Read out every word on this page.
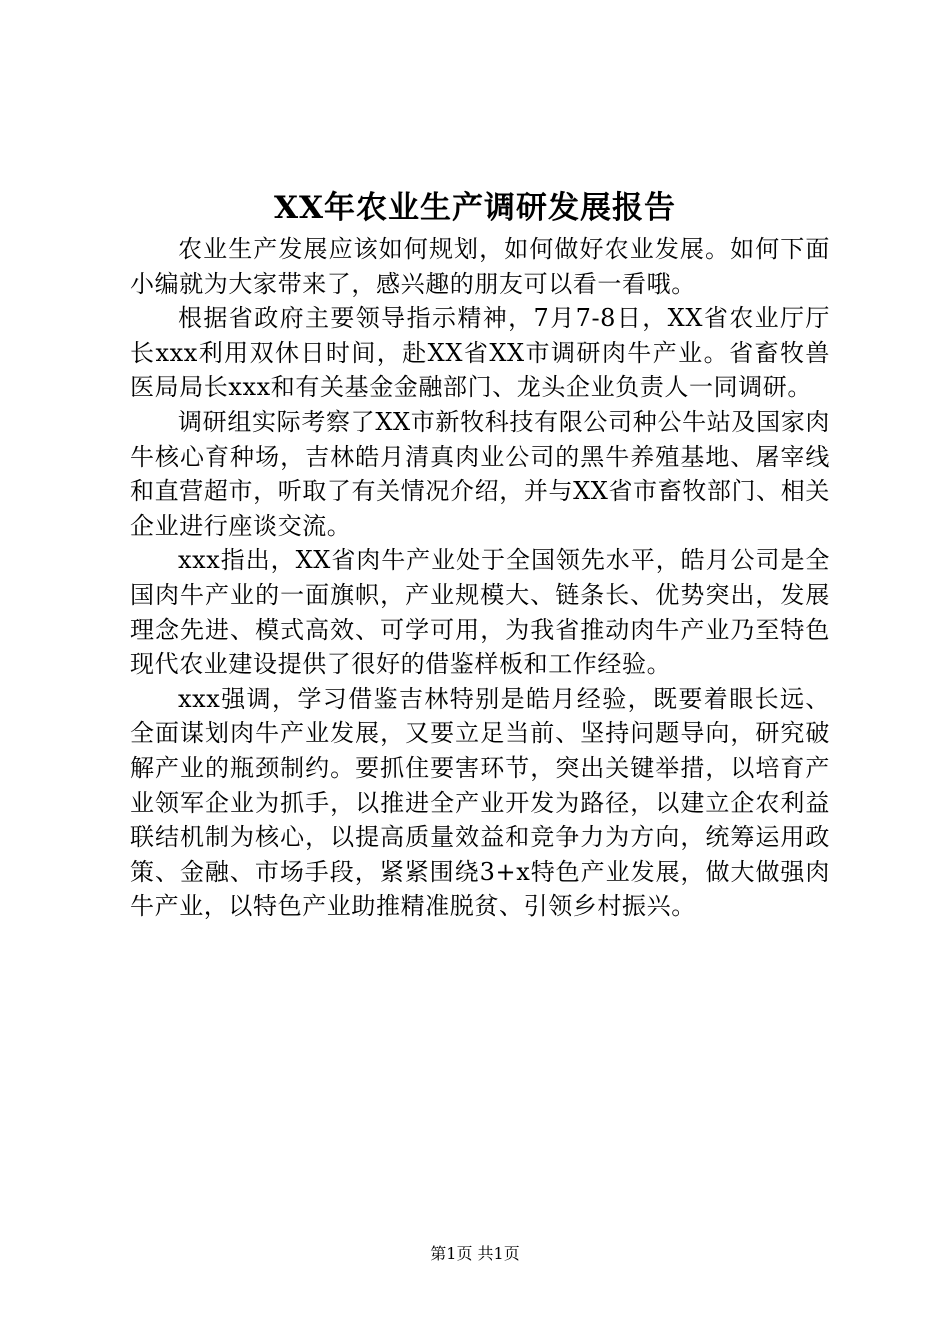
XX年农业生产调研发展报告

农业生产发展应该如何规划，如何做好农业发展。如何下面小编就为大家带来了，感兴趣的朋友可以看一看哦。

根据省政府主要领导指示精神，7月7-8日，XX省农业厅厅长xxx利用双休日时间，赴XX省XX市调研肉牛产业。省畜牧兽医局局长xxx和有关基金金融部门、龙头企业负责人一同调研。

调研组实际考察了XX市新牧科技有限公司种公牛站及国家肉牛核心育种场，吉林皓月清真肉业公司的黑牛养殖基地、屠宰线和直营超市，听取了有关情况介绍，并与XX省市畜牧部门、相关企业进行座谈交流。

xxx指出，XX省肉牛产业处于全国领先水平，皓月公司是全国肉牛产业的一面旗帜，产业规模大、链条长、优势突出，发展理念先进、模式高效、可学可用，为我省推动肉牛产业乃至特色现代农业建设提供了很好的借鉴样板和工作经验。

xxx强调，学习借鉴吉林特别是皓月经验，既要着眼长远、全面谋划肉牛产业发展，又要立足当前、坚持问题导向，研究破解产业的瓶颈制约。要抓住要害环节，突出关键举措，以培育产业领军企业为抓手，以推进全产业开发为路径，以建立企农利益联结机制为核心，以提高质量效益和竞争力为方向，统筹运用政策、金融、市场手段，紧紧围绕3+x特色产业发展，做大做强肉牛产业，以特色产业助推精准脱贫、引领乡村振兴。

第1页 共1页
